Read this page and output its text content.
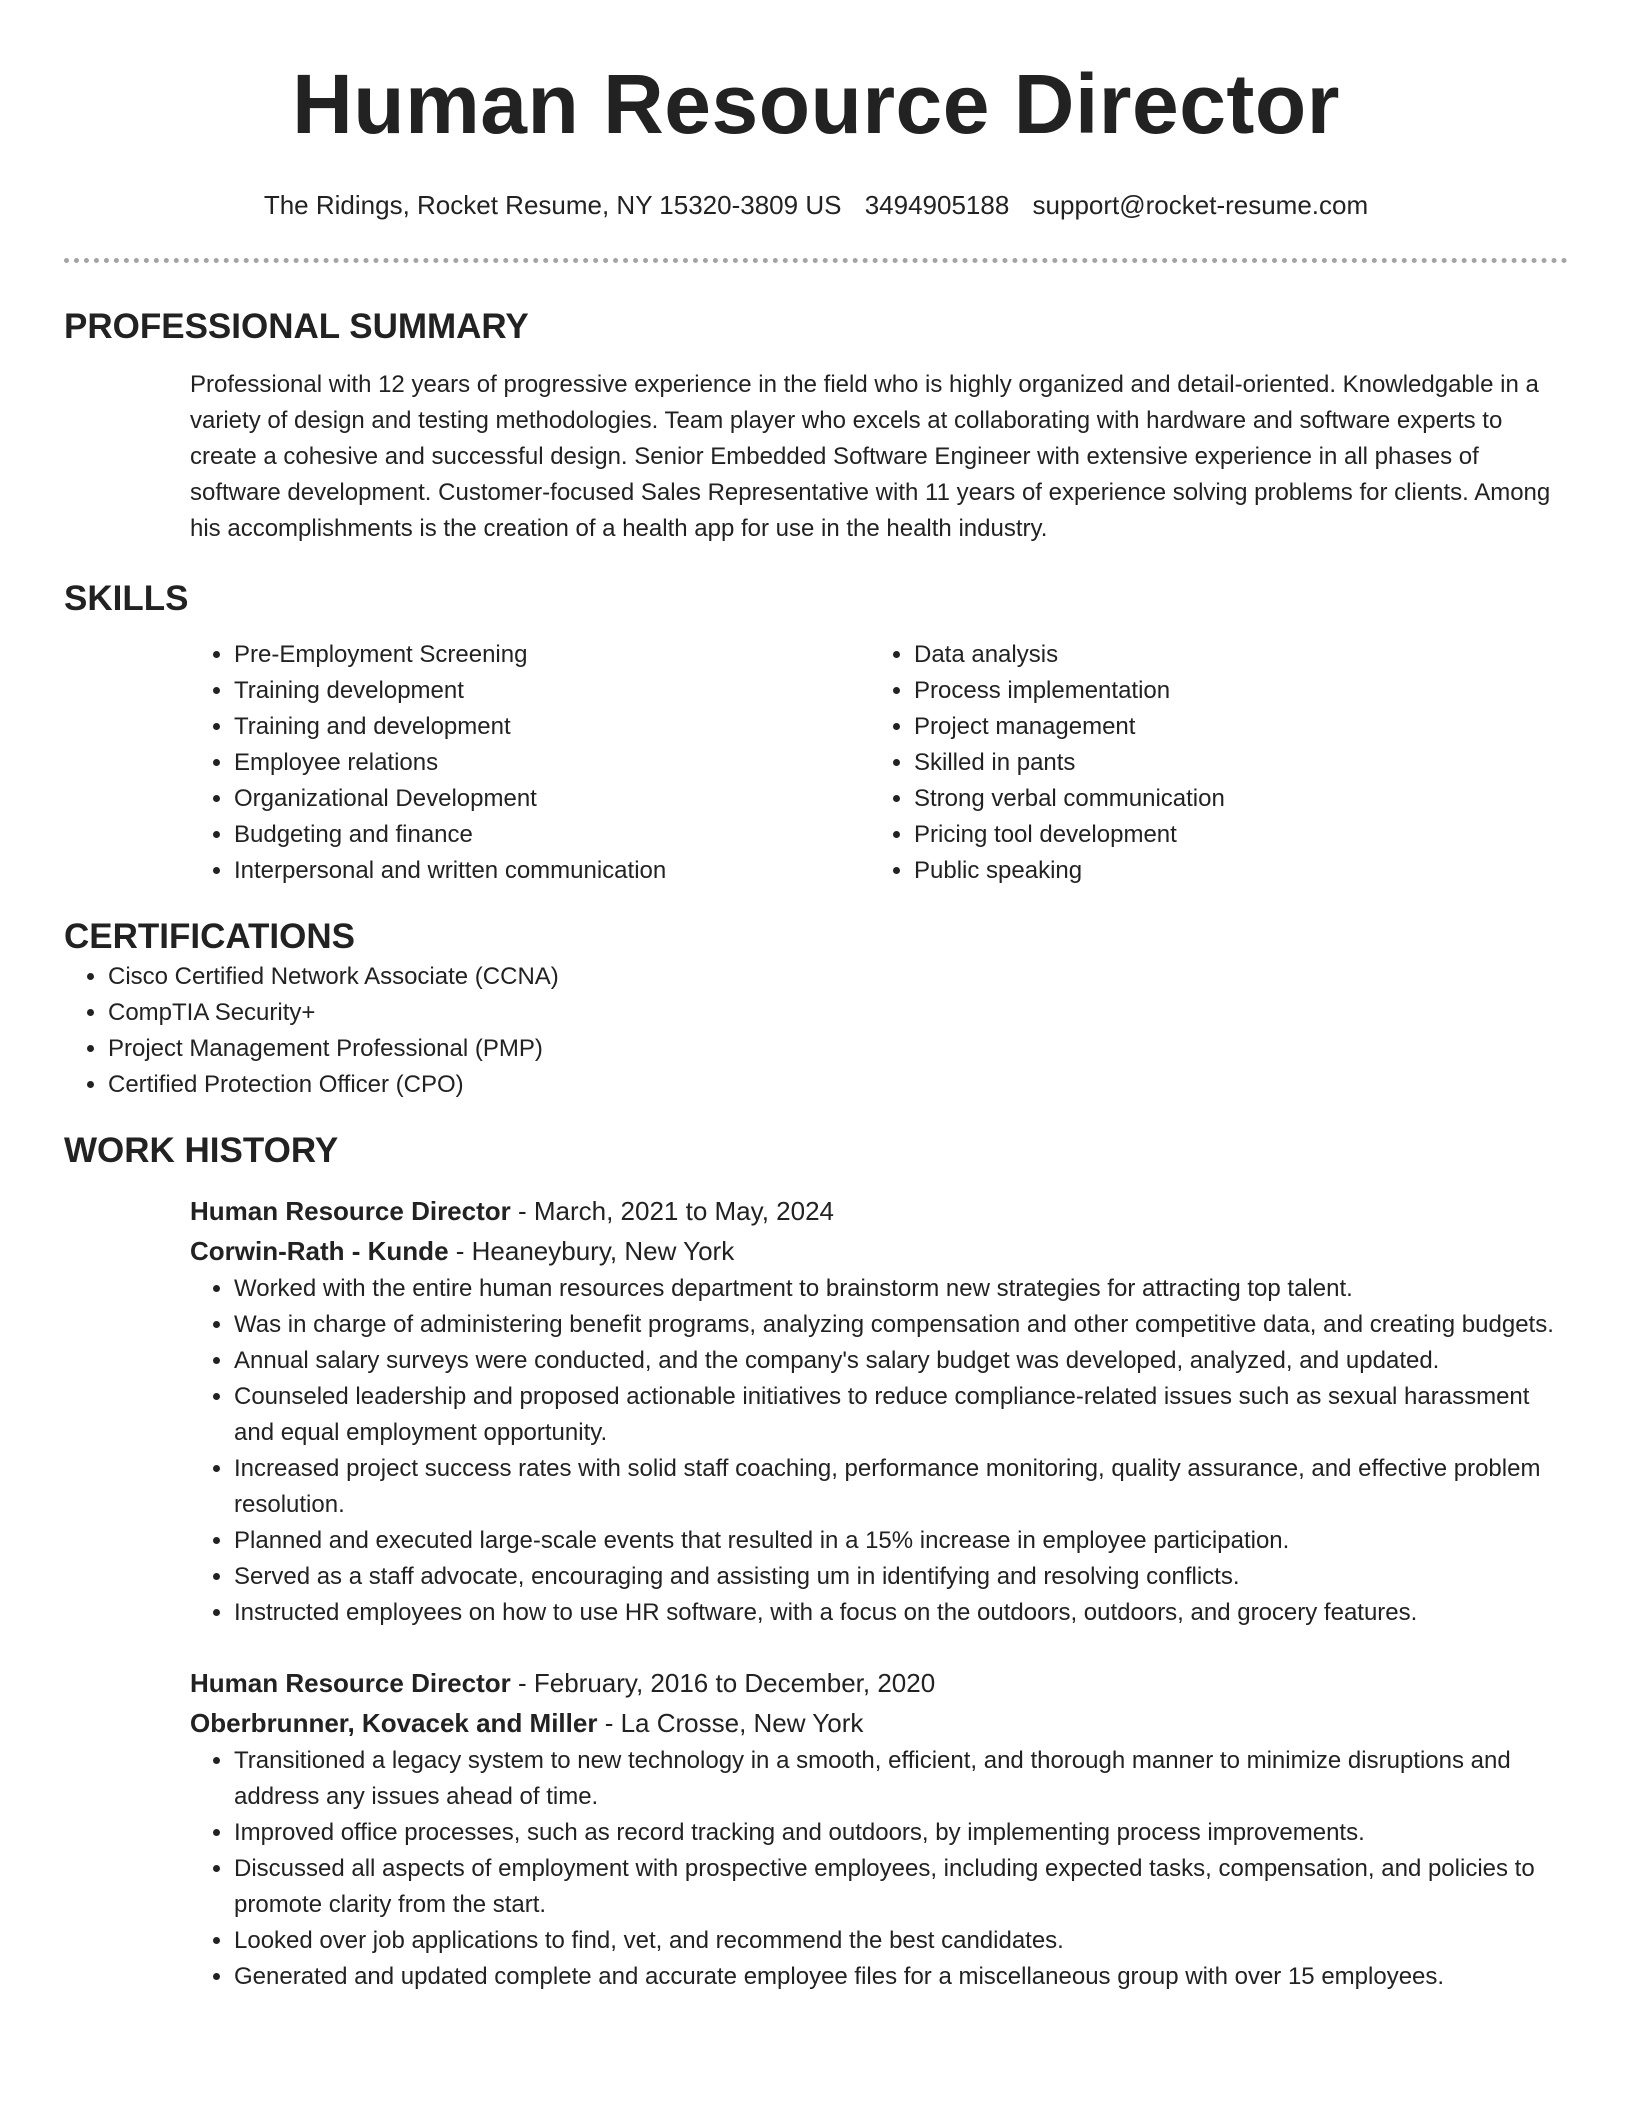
Human Resource Director
The Ridings, Rocket Resume, NY 15320-3809 US 3494905188 support@rocket-resume.com
PROFESSIONAL SUMMARY

Professional with 12 years of progressive experience in the field who is highly organized and detail-oriented. Knowledgable in a variety of design and testing methodologies. Team player who excels at collaborating with hardware and software experts to create a cohesive and successful design. Senior Embedded Software Engineer with extensive experience in all phases of software development. Customer-focused Sales Representative with 11 years of experience solving problems for clients. Among his accomplishments is the creation of a health app for use in the health industry.

SKILLS
• Pre-Employment Screening
• Training development
• Training and development
• Employee relations
• Organizational Development
• Budgeting and finance
• Interpersonal and written communication
• Data analysis
• Process implementation
• Project management
• Skilled in pants
• Strong verbal communication
• Pricing tool development
• Public speaking
CERTIFICATIONS
• Cisco Certified Network Associate (CCNA)
• CompTIA Security+
• Project Management Professional (PMP)
• Certified Protection Officer (CPO)
WORK HISTORY
Human Resource Director - March, 2021 to May, 2024
Corwin-Rath - Kunde - Heaneybury, New York
• Worked with the entire human resources department to brainstorm new strategies for attracting top talent.
• Was in charge of administering benefit programs, analyzing compensation and other competitive data, and creating budgets.
• Annual salary surveys were conducted, and the company's salary budget was developed, analyzed, and updated.
• Counseled leadership and proposed actionable initiatives to reduce compliance-related issues such as sexual harassment and equal employment opportunity.
• Increased project success rates with solid staff coaching, performance monitoring, quality assurance, and effective problem resolution.
• Planned and executed large-scale events that resulted in a 15% increase in employee participation.
• Served as a staff advocate, encouraging and assisting um in identifying and resolving conflicts.
• Instructed employees on how to use HR software, with a focus on the outdoors, outdoors, and grocery features.
Human Resource Director - February, 2016 to December, 2020
Oberbrunner, Kovacek and Miller - La Crosse, New York
• Transitioned a legacy system to new technology in a smooth, efficient, and thorough manner to minimize disruptions and address any issues ahead of time.
• Improved office processes, such as record tracking and outdoors, by implementing process improvements.
• Discussed all aspects of employment with prospective employees, including expected tasks, compensation, and policies to promote clarity from the start.
• Looked over job applications to find, vet, and recommend the best candidates.
• Generated and updated complete and accurate employee files for a miscellaneous group with over 15 employees.
